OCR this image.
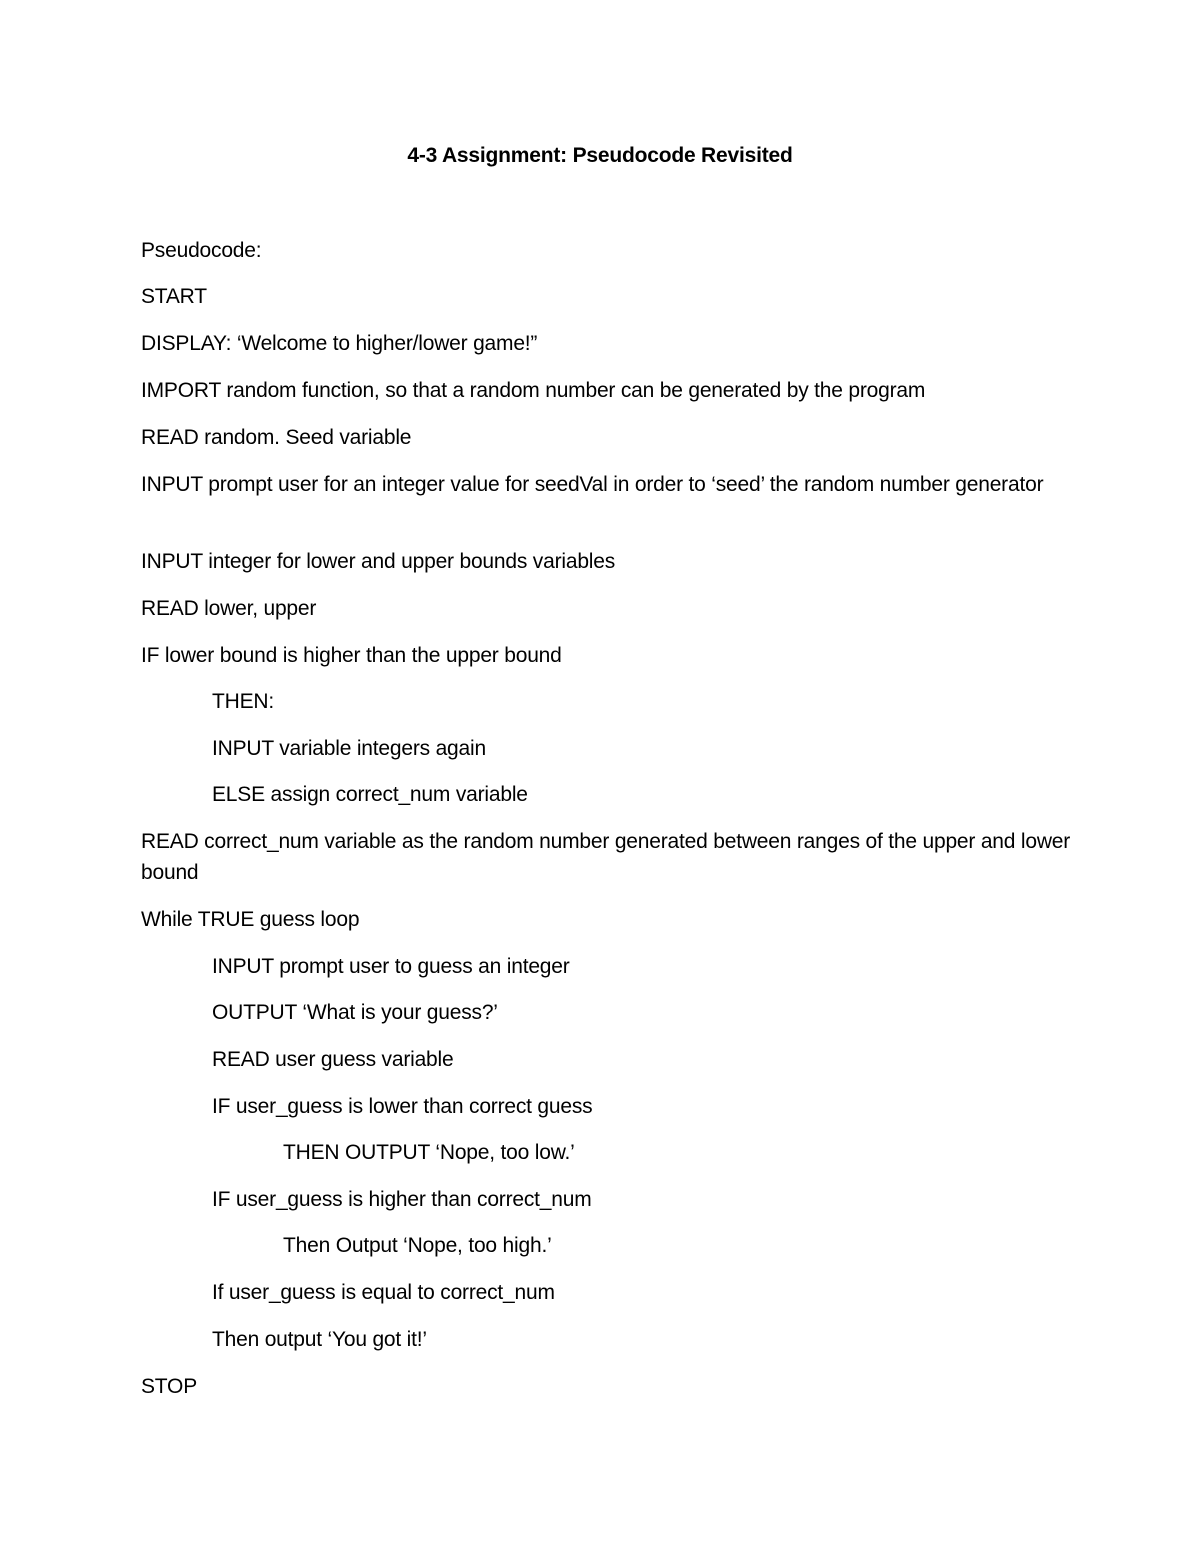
4-3 Assignment: Pseudocode Revisited
Pseudocode:
START
DISPLAY: ‘Welcome to higher/lower game!”
IMPORT random function, so that a random number can be generated by the program
READ random. Seed variable
INPUT prompt user for an integer value for seedVal in order to ‘seed’ the random number generator
INPUT integer for lower and upper bounds variables
READ lower, upper
IF lower bound is higher than the upper bound
THEN:
INPUT variable integers again
ELSE assign correct_num variable
READ correct_num variable as the random number generated between ranges of the upper and lower bound
While TRUE guess loop
INPUT prompt user to guess an integer
OUTPUT ‘What is your guess?’
READ user guess variable
IF user_guess is lower than correct guess
THEN OUTPUT ‘Nope, too low.’
IF user_guess is higher than correct_num
Then Output ‘Nope, too high.’
If user_guess is equal to correct_num
Then output ‘You got it!’
STOP
